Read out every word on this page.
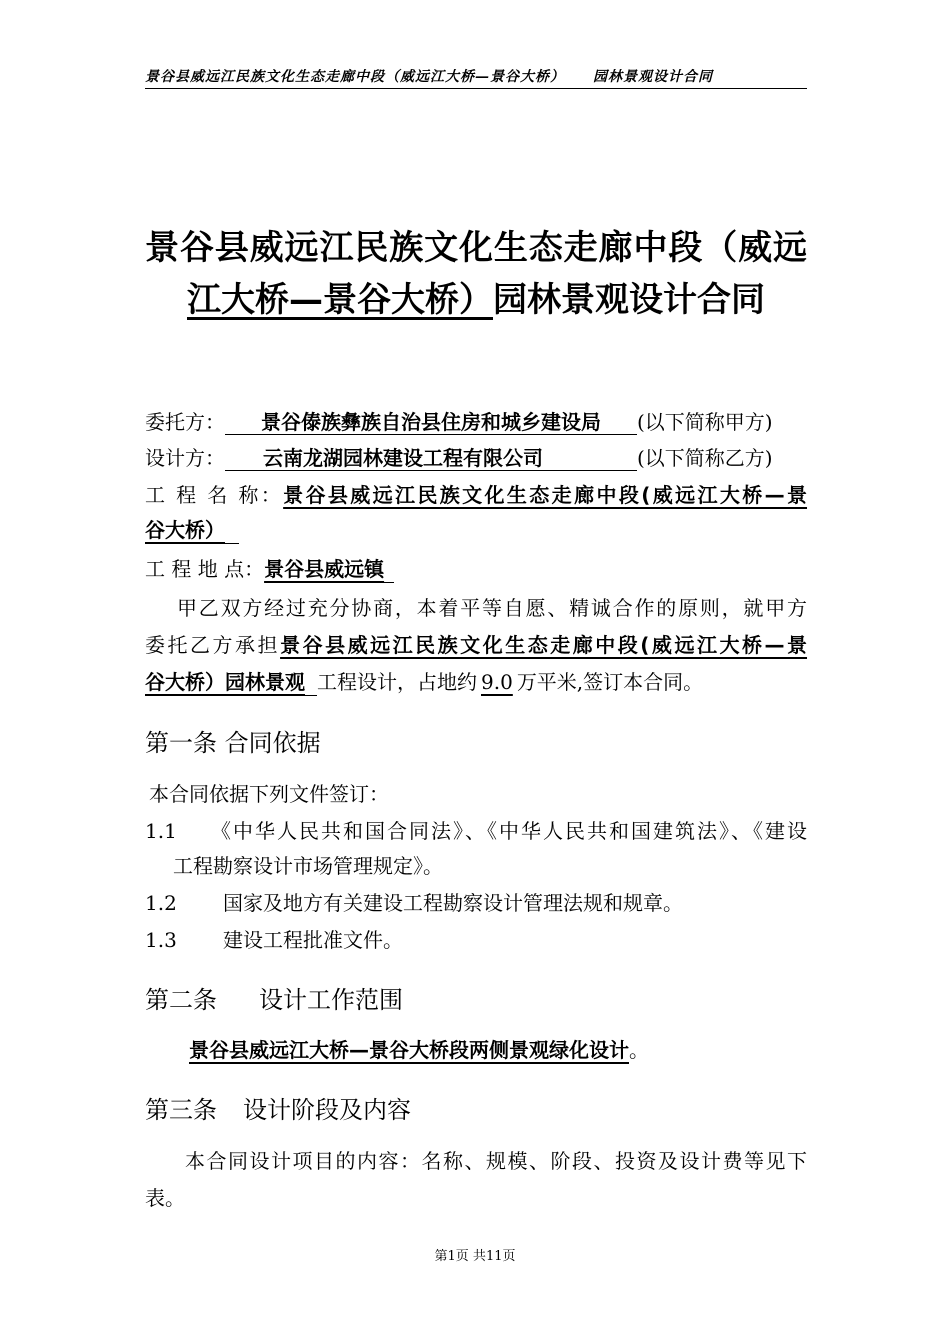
景谷县威远江民族文化生态走廊中段（威远江大桥—景谷大桥） 园林景观设计合同
景谷县威远江民族文化生态走廊中段（威远
江大桥—景谷大桥）园林景观设计合同
委托方： 景谷傣族彝族自治县住房和城乡建设局 (以下简称甲方)
设计方： 云南龙湖园林建设工程有限公司	(以下简称乙方)
工 程 名 称：景谷县威远江民族文化生态走廊中段(威远江大桥—景
谷大桥）
工 程 地 点：景谷县威远镇
甲乙双方经过充分协商，本着平等自愿、精诚合作的原则，就甲方
委托乙方承担景谷县威远江民族文化生态走廊中段(威远江大桥—景
谷大桥）园林景观 工程设计，占地约 9.0 万平米,签订本合同。
第一条 合同依据
本合同依据下列文件签订：
1.1 《中华人民共和国合同法》、《中华人民共和国建筑法》、《建设
工程勘察设计市场管理规定》。
1.2 国家及地方有关建设工程勘察设计管理法规和规章。
1.3 建设工程批准文件。
第二条 设计工作范围
景谷县威远江大桥—景谷大桥段两侧景观绿化设计。
第三条 设计阶段及内容
本合同设计项目的内容：名称、规模、阶段、投资及设计费等见下
表。
第1页 共11页
